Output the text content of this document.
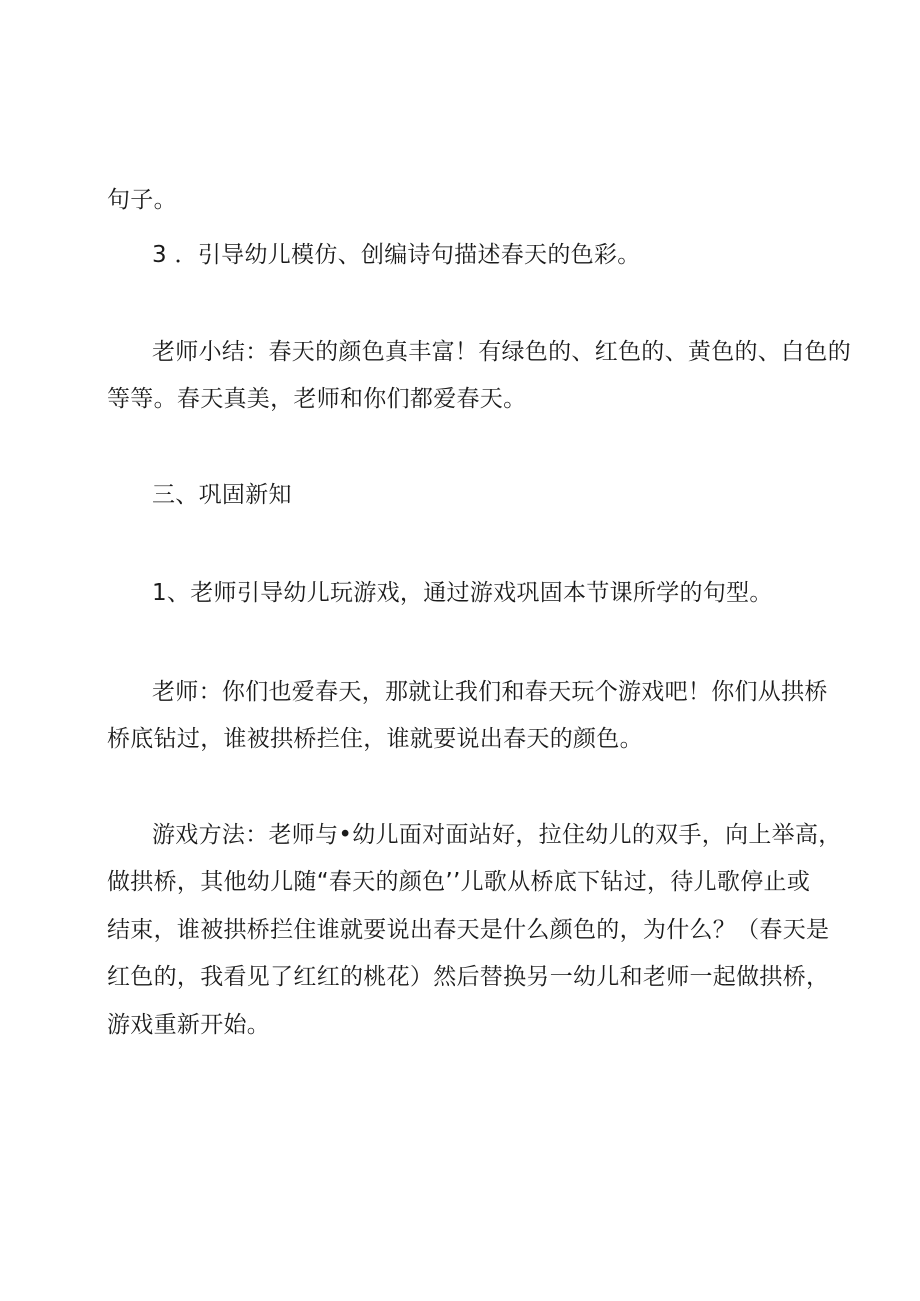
句子。

3 ．引导幼儿模仿、创编诗句描述春天的色彩。

老师小结：春天的颜色真丰富！有绿色的、红色的、黄色的、白色的

等等。春天真美，老师和你们都爱春天。

三、巩固新知

1、老师引导幼儿玩游戏，通过游戏巩固本节课所学的句型。

老师：你们也爱春天，那就让我们和春天玩个游戏吧！你们从拱桥

桥底钻过，谁被拱桥拦住，谁就要说出春天的颜色。

游戏方法：老师与•幼儿面对面站好，拉住幼儿的双手，向上举高，

做拱桥，其他幼儿随“春天的颜色’’儿歌从桥底下钻过，待儿歌停止或

结束，谁被拱桥拦住谁就要说出春天是什么颜色的，为什么？（春天是

红色的，我看见了红红的桃花）然后替换另一幼儿和老师一起做拱桥，

游戏重新开始。
